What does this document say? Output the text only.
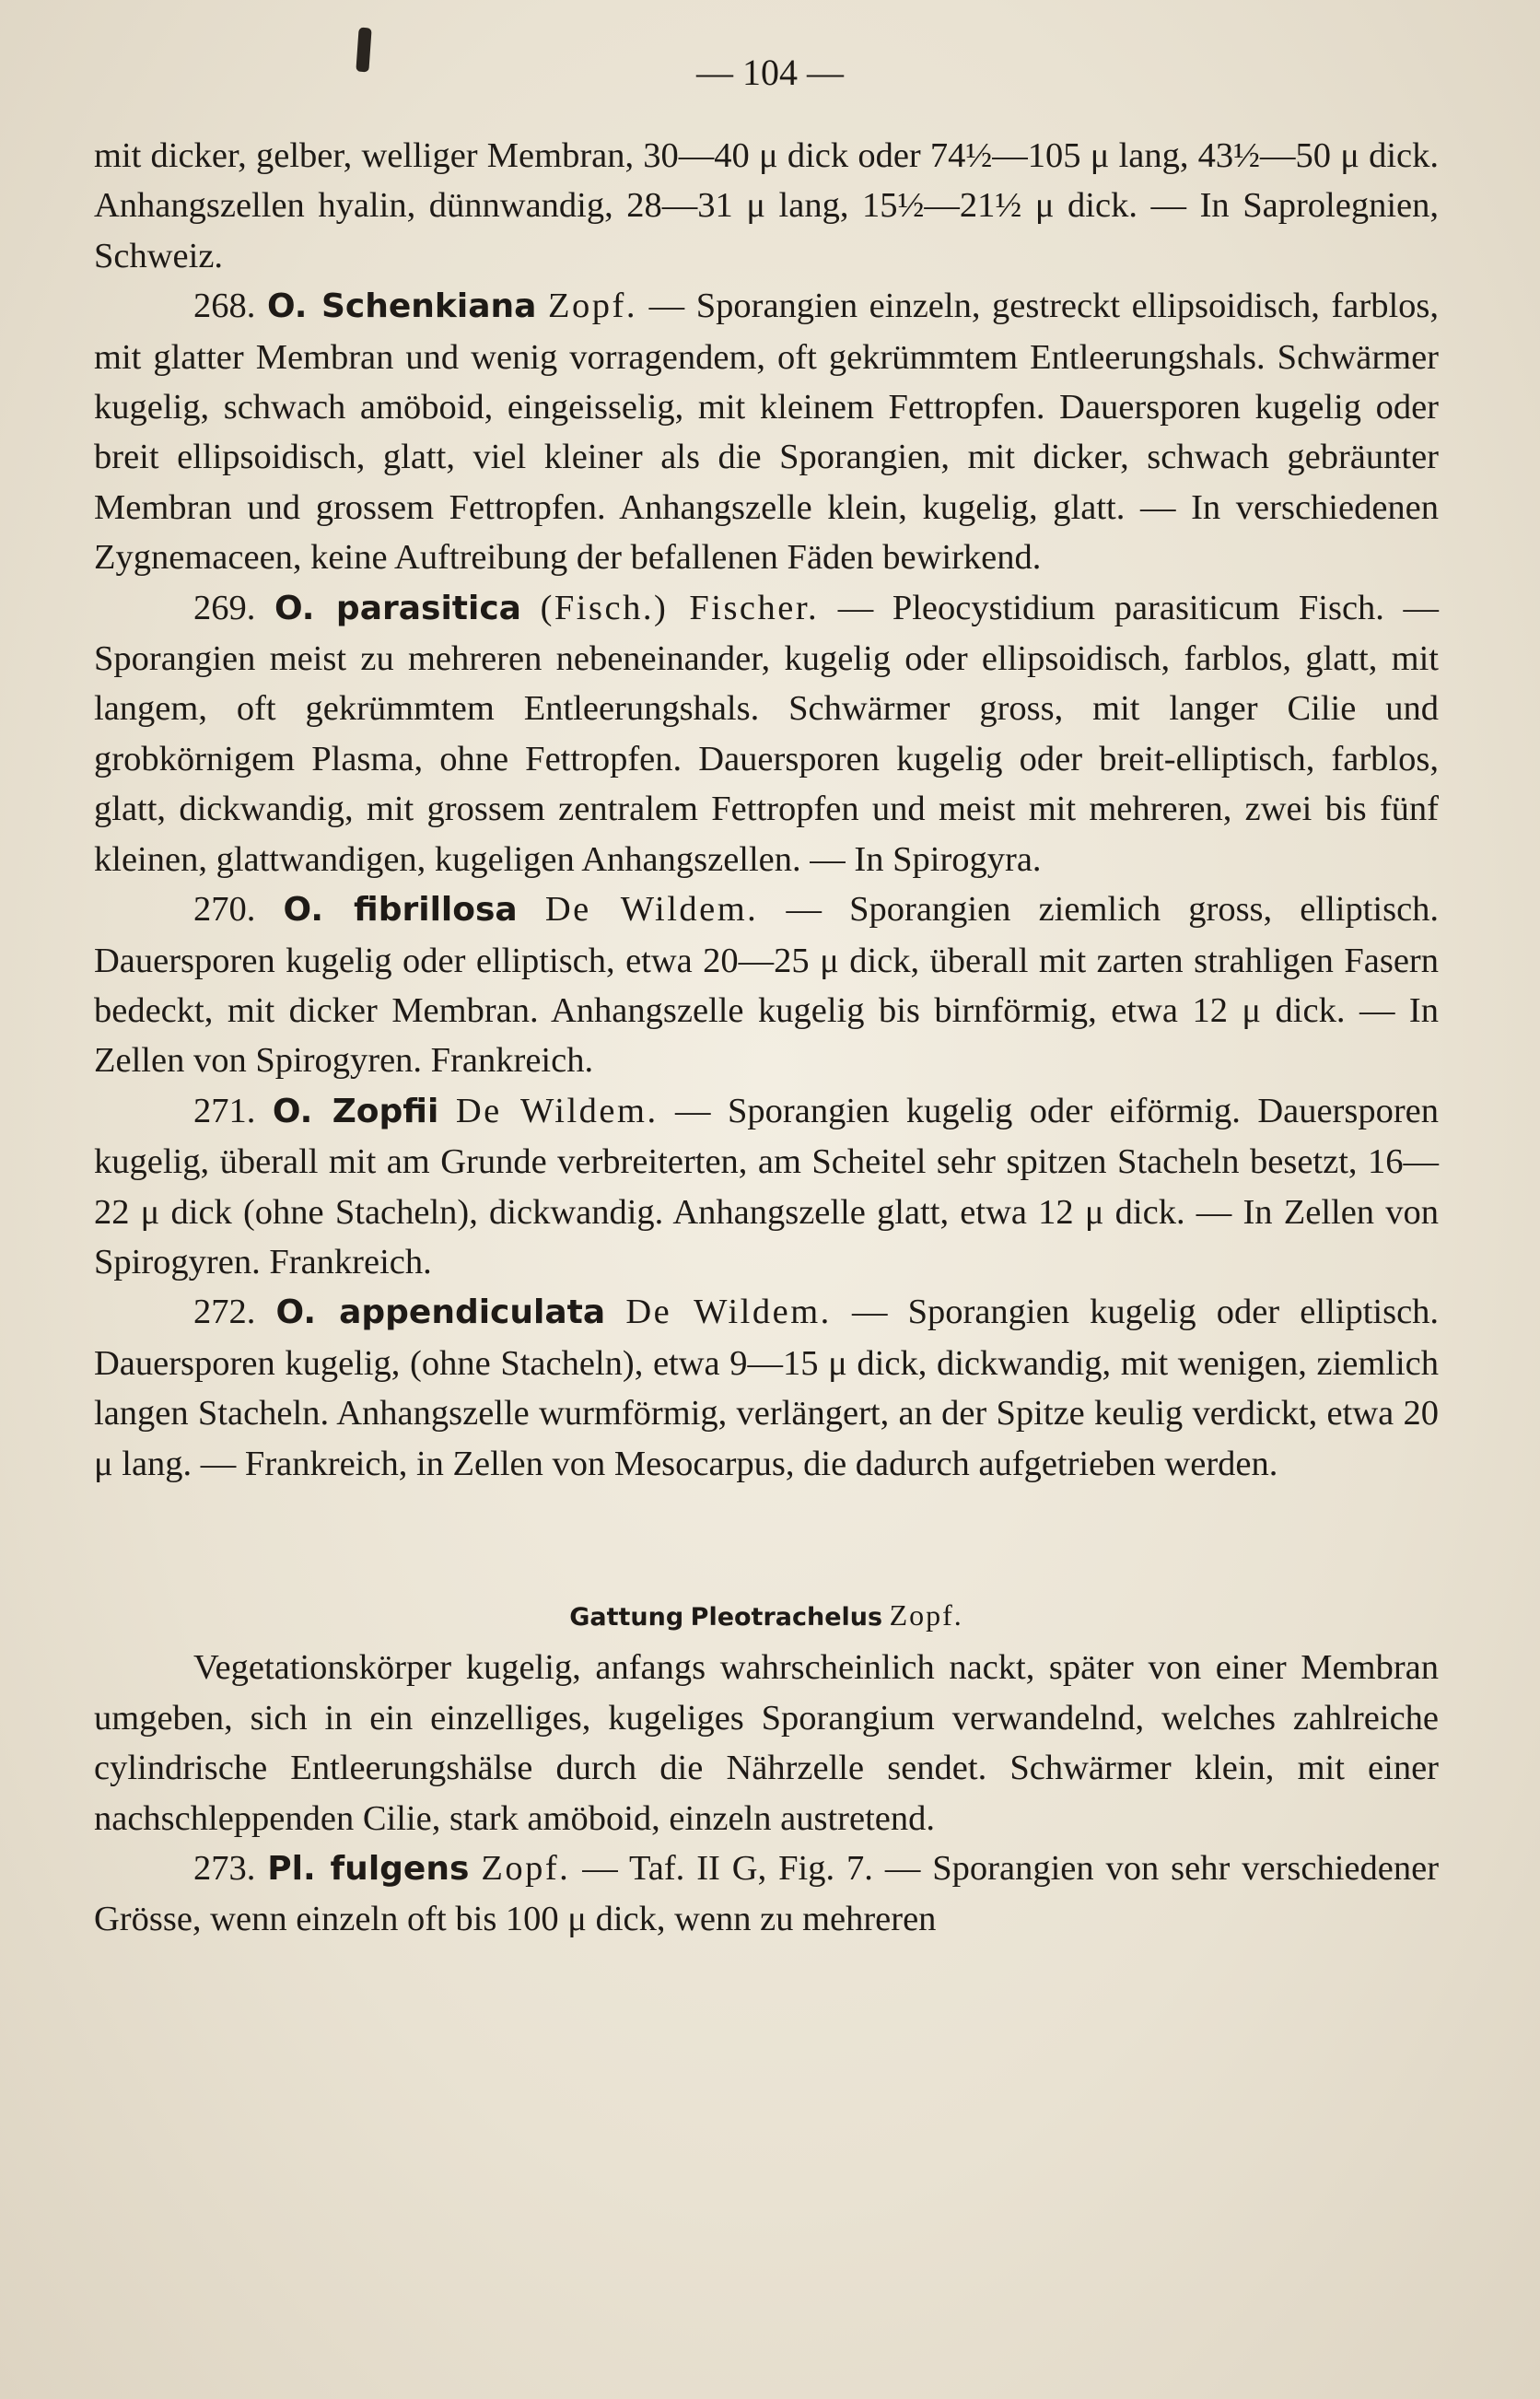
— 104 —

mit dicker, gelber, welliger Membran, 30—40 μ dick oder 74½—105 μ lang, 43½—50 μ dick. Anhangszellen hyalin, dünnwandig, 28—31 μ lang, 15½—21½ μ dick. — In Saprolegnien, Schweiz.

268. O. Schenkiana Zopf. — Sporangien einzeln, gestreckt ellipsoidisch, farblos, mit glatter Membran und wenig vorragendem, oft gekrümmtem Entleerungshals. Schwärmer kugelig, schwach amöboid, eingeisselig, mit kleinem Fettropfen. Dauersporen kugelig oder breit ellipsoidisch, glatt, viel kleiner als die Sporangien, mit dicker, schwach gebräunter Membran und grossem Fettropfen. Anhangszelle klein, kugelig, glatt. — In verschiedenen Zygnemaceen, keine Auftreibung der befallenen Fäden bewirkend.

269. O. parasitica (Fisch.) Fischer. — Pleocystidium parasiticum Fisch. — Sporangien meist zu mehreren nebeneinander, kugelig oder ellipsoidisch, farblos, glatt, mit langem, oft gekrümmtem Entleerungshals. Schwärmer gross, mit langer Cilie und grobkörnigem Plasma, ohne Fettropfen. Dauersporen kugelig oder breit-elliptisch, farblos, glatt, dickwandig, mit grossem zentralem Fettropfen und meist mit mehreren, zwei bis fünf kleinen, glattwandigen, kugeligen Anhangszellen. — In Spirogyra.

270. O. fibrillosa De Wildem. — Sporangien ziemlich gross, elliptisch. Dauersporen kugelig oder elliptisch, etwa 20—25 μ dick, überall mit zarten strahligen Fasern bedeckt, mit dicker Membran. Anhangszelle kugelig bis birnförmig, etwa 12 μ dick. — In Zellen von Spirogyren. Frankreich.

271. O. Zopfii De Wildem. — Sporangien kugelig oder eiförmig. Dauersporen kugelig, überall mit am Grunde verbreiterten, am Scheitel sehr spitzen Stacheln besetzt, 16—22 μ dick (ohne Stacheln), dickwandig. Anhangszelle glatt, etwa 12 μ dick. — In Zellen von Spirogyren. Frankreich.

272. O. appendiculata De Wildem. — Sporangien kugelig oder elliptisch. Dauersporen kugelig, (ohne Stacheln), etwa 9—15 μ dick, dickwandig, mit wenigen, ziemlich langen Stacheln. Anhangszelle wurmförmig, verlängert, an der Spitze keulig verdickt, etwa 20 μ lang. — Frankreich, in Zellen von Mesocarpus, die dadurch aufgetrieben werden.

Gattung Pleotrachelus Zopf.

Vegetationskörper kugelig, anfangs wahrscheinlich nackt, später von einer Membran umgeben, sich in ein einzelliges, kugeliges Sporangium verwandelnd, welches zahlreiche cylindrische Entleerungshälse durch die Nährzelle sendet. Schwärmer klein, mit einer nachschleppenden Cilie, stark amöboid, einzeln austretend.

273. Pl. fulgens Zopf. — Taf. II G, Fig. 7. — Sporangien von sehr verschiedener Grösse, wenn einzeln oft bis 100 μ dick, wenn zu mehreren
